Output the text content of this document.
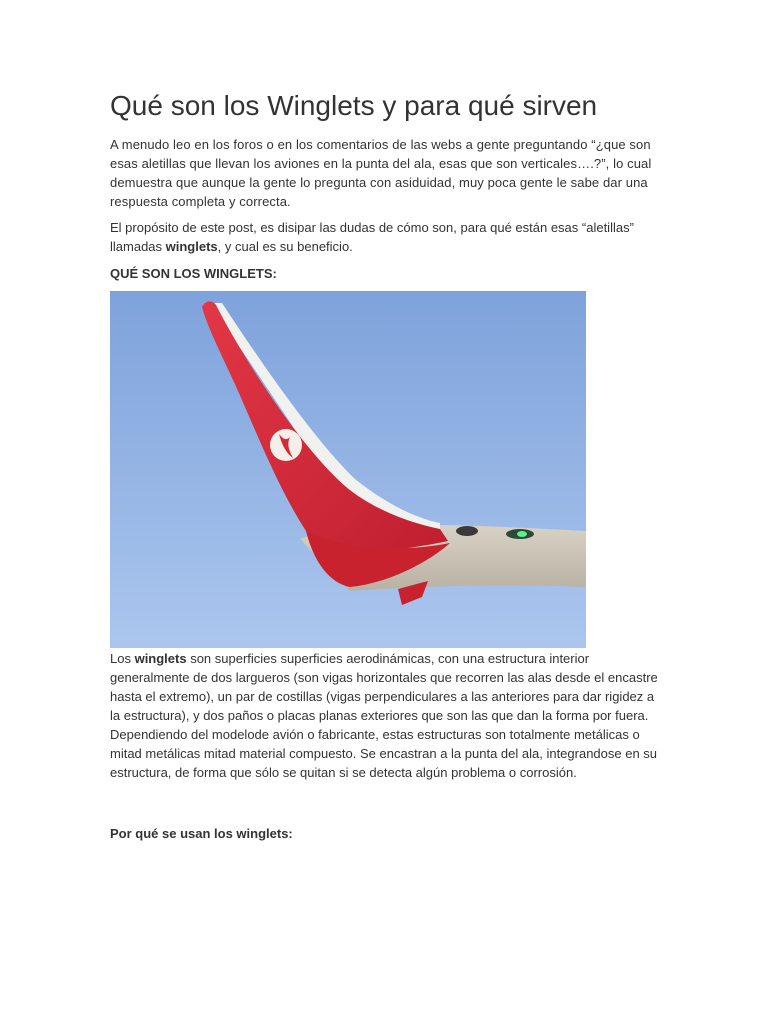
Qué son los Winglets y para qué sirven

A menudo leo en los foros o en los comentarios de las webs a gente preguntando “¿que son esas aletillas que llevan los aviones en la punta del ala, esas que son verticales….?”, lo cual demuestra que aunque la gente lo pregunta con asiduidad, muy poca gente le sabe dar una respuesta completa y correcta.

El propósito de este post, es disipar las dudas de cómo son, para qué están esas “aletillas” llamadas winglets, y cual es su beneficio.

QUÉ SON LOS WINGLETS:

Los winglets son superficies superficies aerodinámicas, con una estructura interior generalmente de dos largueros (son vigas horizontales que recorren las alas desde el encastre hasta el extremo), un par de costillas (vigas perpendiculares a las anteriores para dar rigidez a la estructura), y dos paños o placas planas exteriores que son las que dan la forma por fuera. Dependiendo del modelode avión o fabricante, estas estructuras son totalmente metálicas o mitad metálicas mitad material compuesto. Se encastran a la punta del ala, integrandose en su estructura, de forma que sólo se quitan si se detecta algún problema o corrosión.

Por qué se usan los winglets:
